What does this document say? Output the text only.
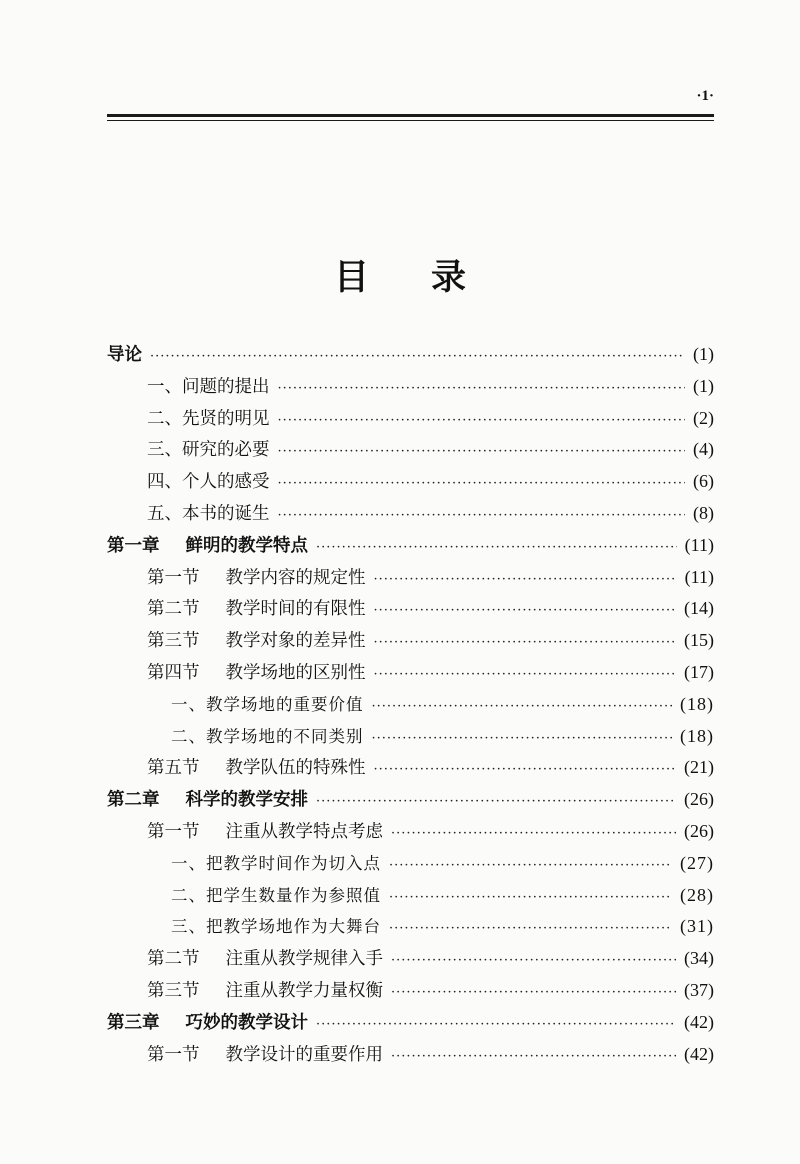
·1·
目录
导论 ·····	(1)
一、问题的提出 ·····	(1)
二、先贤的明见 ·····	(2)
三、研究的必要 ·····	(4)
四、个人的感受 ·····	(6)
五、本书的诞生 ·····	(8)
第一章 鲜明的教学特点 ·····	(11)
第一节 教学内容的规定性 ·····	(11)
第二节 教学时间的有限性 ·····	(14)
第三节 教学对象的差异性 ·····	(15)
第四节 教学场地的区别性 ·····	(17)
一、教学场地的重要价值 ·····	(18)
二、教学场地的不同类别 ·····	(18)
第五节 教学队伍的特殊性 ·····	(21)
第二章 科学的教学安排 ·····	(26)
第一节 注重从教学特点考虑 ·····	(26)
一、把教学时间作为切入点 ·····	(27)
二、把学生数量作为参照值 ·····	(28)
三、把教学场地作为大舞台 ·····	(31)
第二节 注重从教学规律入手 ·····	(34)
第三节 注重从教学力量权衡 ·····	(37)
第三章 巧妙的教学设计 ·····	(42)
第一节 教学设计的重要作用 ·····	(42)
